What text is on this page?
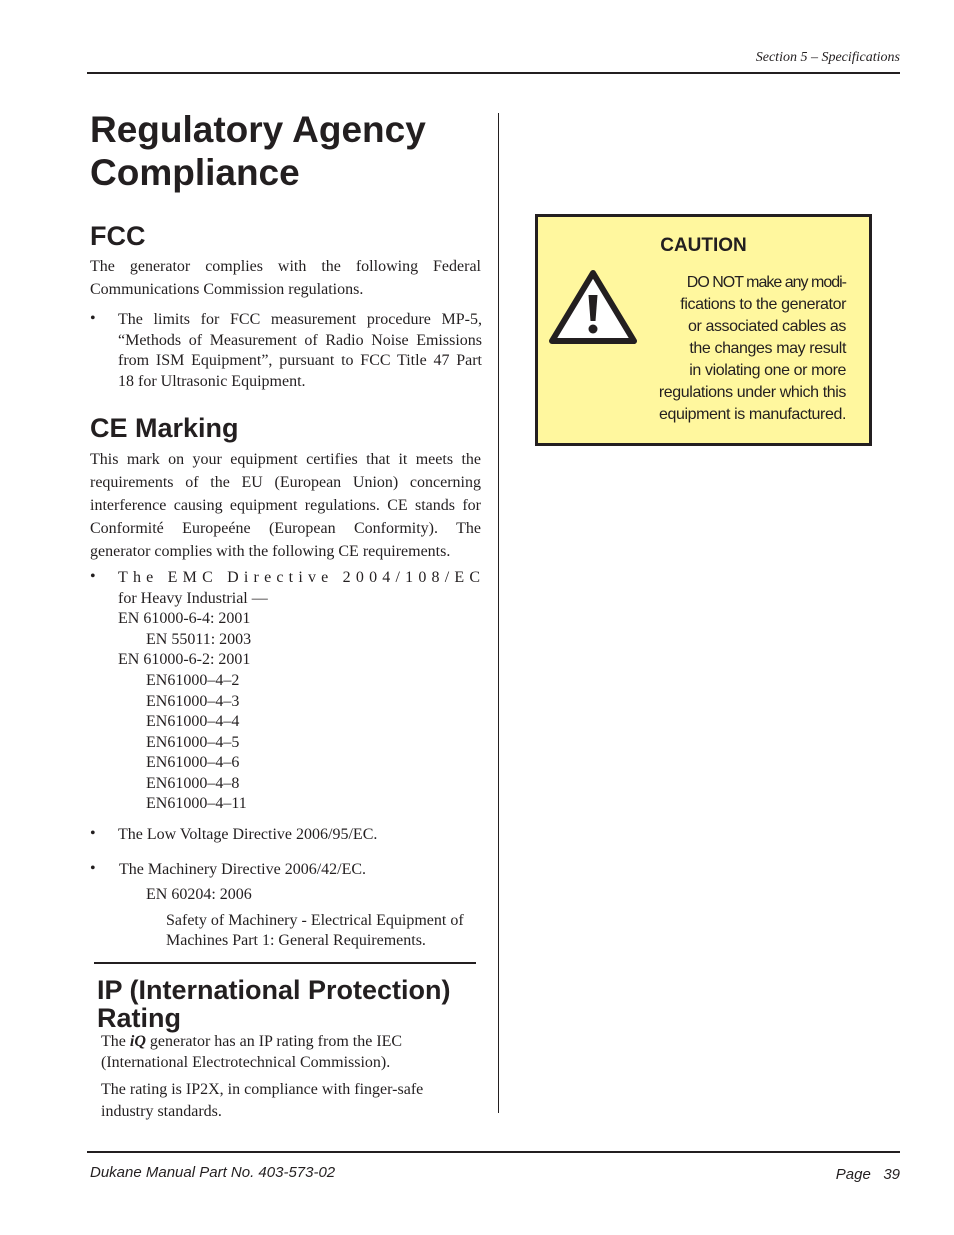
Section 5 – Specifications
Regulatory Agency Compliance
FCC

The generator complies with the following Federal Communications Commission regulations.

• The limits for FCC measurement procedure MP-5,
“Methods of Measurement of Radio Noise Emissions
from ISM Equipment”, pursuant to FCC Title 47 Part
18 for Ultrasonic Equipment.
CE Marking

This mark on your equipment certifies that it meets the requirements of the EU (European Union) concerning interference causing equipment regulations. CE stands for Conformité Europeéne (European Conformity). The generator complies with the following CE requirements.

• The EMC Directive 2004/108/EC
for Heavy Industrial —
EN 61000-6-4: 2001
EN 55011: 2003
EN 61000-6-2: 2001
EN61000–4–2
EN61000–4–3
EN61000–4–4
EN61000–4–5
EN61000–4–6
EN61000–4–8
EN61000–4–11
• The Low Voltage Directive 2006/95/EC.
• The Machinery Directive 2006/42/EC.
EN 60204: 2006
Safety of Machinery - Electrical Equipment of
Machines Part 1: General Requirements.
IP (International Protection)
Rating
The iQ generator has an IP rating from the IEC
(International Electrotechnical Commission).
The rating is IP2X, in compliance with finger-safe
industry standards.
CAUTION
DO NOT make any modi-
fications to the generator
or associated cables as
the changes may result
in violating one or more
regulations under which this
equipment is manufactured.
Dukane Manual Part No. 403-573-02	Page 39
